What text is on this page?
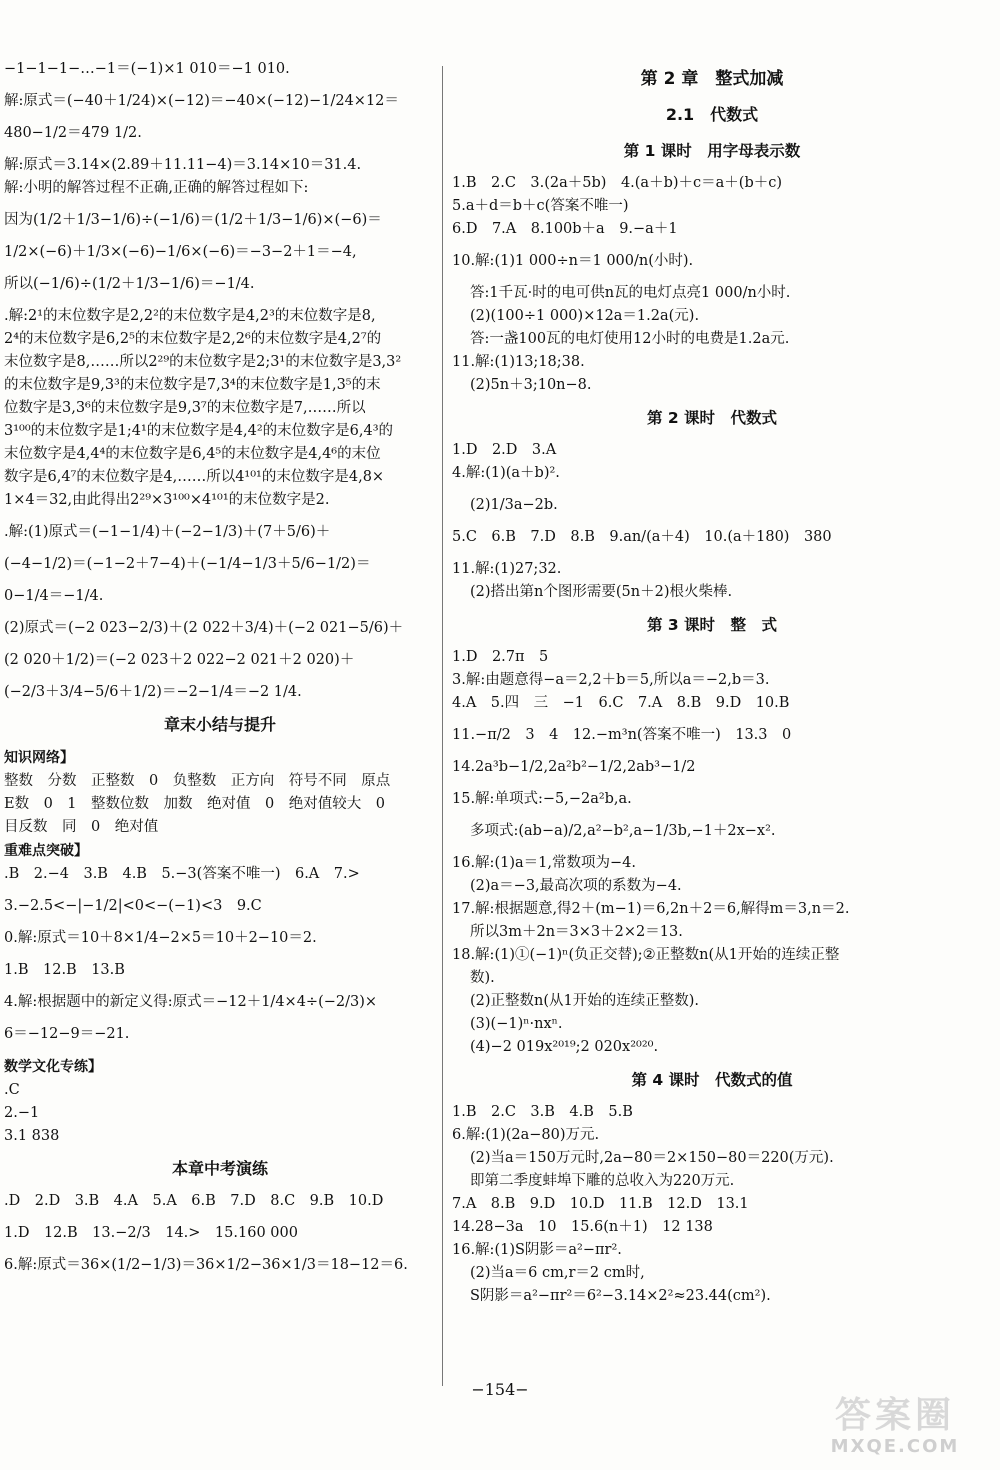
−1−1−1−…−1＝(−1)×1 010＝−1 010.
解:原式＝(−40＋1/24)×(−12)＝−40×(−12)−1/24×12＝
480−1/2＝479 1/2.
解:原式＝3.14×(2.89＋11.11−4)＝3.14×10＝31.4.
解:小明的解答过程不正确,正确的解答过程如下:
因为(1/2＋1/3−1/6)÷(−1/6)＝(1/2＋1/3−1/6)×(−6)＝
1/2×(−6)＋1/3×(−6)−1/6×(−6)＝−3−2＋1＝−4,
所以(−1/6)÷(1/2＋1/3−1/6)＝−1/4.
.解:2¹的末位数字是2,2²的末位数字是4,2³的末位数字是8,
2⁴的末位数字是6,2⁵的末位数字是2,2⁶的末位数字是4,2⁷的
末位数字是8,……所以2²⁹的末位数字是2;3¹的末位数字是3,3²
的末位数字是9,3³的末位数字是7,3⁴的末位数字是1,3⁵的末
位数字是3,3⁶的末位数字是9,3⁷的末位数字是7,……所以
3¹⁰⁰的末位数字是1;4¹的末位数字是4,4²的末位数字是6,4³的
末位数字是4,4⁴的末位数字是6,4⁵的末位数字是4,4⁶的末位
数字是6,4⁷的末位数字是4,……所以4¹⁰¹的末位数字是4,8×
1×4＝32,由此得出2²⁹×3¹⁰⁰×4¹⁰¹的末位数字是2.
.解:(1)原式＝(−1−1/4)＋(−2−1/3)＋(7＋5/6)＋
(−4−1/2)＝(−1−2＋7−4)＋(−1/4−1/3＋5/6−1/2)＝
0−1/4＝−1/4.
(2)原式＝(−2 023−2/3)＋(2 022＋3/4)＋(−2 021−5/6)＋
(2 020＋1/2)＝(−2 023＋2 022−2 021＋2 020)＋
(−2/3＋3/4−5/6＋1/2)＝−2−1/4＝−2 1/4.
章末小结与提升
知识网络】
整数　分数　正整数　0　负整数　正方向　符号不同　原点
E数　0　1　整数位数　加数　绝对值　0　绝对值较大　0
目反数　同　0　绝对值
重难点突破】
.B　2.−4　3.B　4.B　5.−3(答案不唯一)　6.A　7.>
3.−2.5<−|−1/2|<0<−(−1)<3　9.C
0.解:原式＝10＋8×1/4−2×5＝10＋2−10＝2.
1.B　12.B　13.B
4.解:根据题中的新定义得:原式＝−12＋1/4×4÷(−2/3)×
6＝−12−9＝−21.
数学文化专练】
.C
2.−1
3.1 838
本章中考演练
.D　2.D　3.B　4.A　5.A　6.B　7.D　8.C　9.B　10.D
1.D　12.B　13.−2/3　14.>　15.160 000
6.解:原式＝36×(1/2−1/3)＝36×1/2−36×1/3＝18−12＝6.
第 2 章　整式加减
2.1　代数式
第 1 课时　用字母表示数
1.B　2.C　3.(2a＋5b)　4.(a＋b)＋c＝a＋(b＋c)
5.a＋d＝b＋c(答案不唯一)
6.D　7.A　8.100b＋a　9.−a＋1
10.解:(1)1 000÷n＝1 000/n(小时).
答:1千瓦·时的电可供n瓦的电灯点亮1 000/n小时.
(2)(100÷1 000)×12a＝1.2a(元).
答:一盏100瓦的电灯使用12小时的电费是1.2a元.
11.解:(1)13;18;38.
(2)5n＋3;10n−8.
第 2 课时　代数式
1.D　2.D　3.A
4.解:(1)(a＋b)².
(2)1/3a−2b.
5.C　6.B　7.D　8.B　9.an/(a＋4)　10.(a＋180)　380
11.解:(1)27;32.
(2)搭出第n个图形需要(5n＋2)根火柴棒.
第 3 课时　整　式
1.D　2.7π　5
3.解:由题意得−a＝2,2＋b＝5,所以a＝−2,b＝3.
4.A　5.四　三　−1　6.C　7.A　8.B　9.D　10.B
11.−π/2　3　4　12.−m³n(答案不唯一)　13.3　0
14.2a³b−1/2,2a²b²−1/2,2ab³−1/2
15.解:单项式:−5,−2a²b,a.
多项式:(ab−a)/2,a²−b²,a−1/3b,−1＋2x−x².
16.解:(1)a＝1,常数项为−4.
(2)a＝−3,最高次项的系数为−4.
17.解:根据题意,得2＋(m−1)＝6,2n＋2＝6,解得m＝3,n＝2.
所以3m＋2n＝3×3＋2×2＝13.
18.解:(1)①(−1)ⁿ(负正交替);②正整数n(从1开始的连续正整
数).
(2)正整数n(从1开始的连续正整数).
(3)(−1)ⁿ·nxⁿ.
(4)−2 019x²⁰¹⁹;2 020x²⁰²⁰.
第 4 课时　代数式的值
1.B　2.C　3.B　4.B　5.B
6.解:(1)(2a−80)万元.
(2)当a＝150万元时,2a−80＝2×150−80＝220(万元).
即第二季度蚌埠下雕的总收入为220万元.
7.A　8.B　9.D　10.D　11.B　12.D　13.1
14.28−3a　10　15.6(n＋1)　12 138
16.解:(1)S阴影＝a²−πr².
(2)当a＝6 cm,r＝2 cm时,
S阴影＝a²−πr²＝6²−3.14×2²≈23.44(cm²).
−154−
答案圈
MXQE.COM
